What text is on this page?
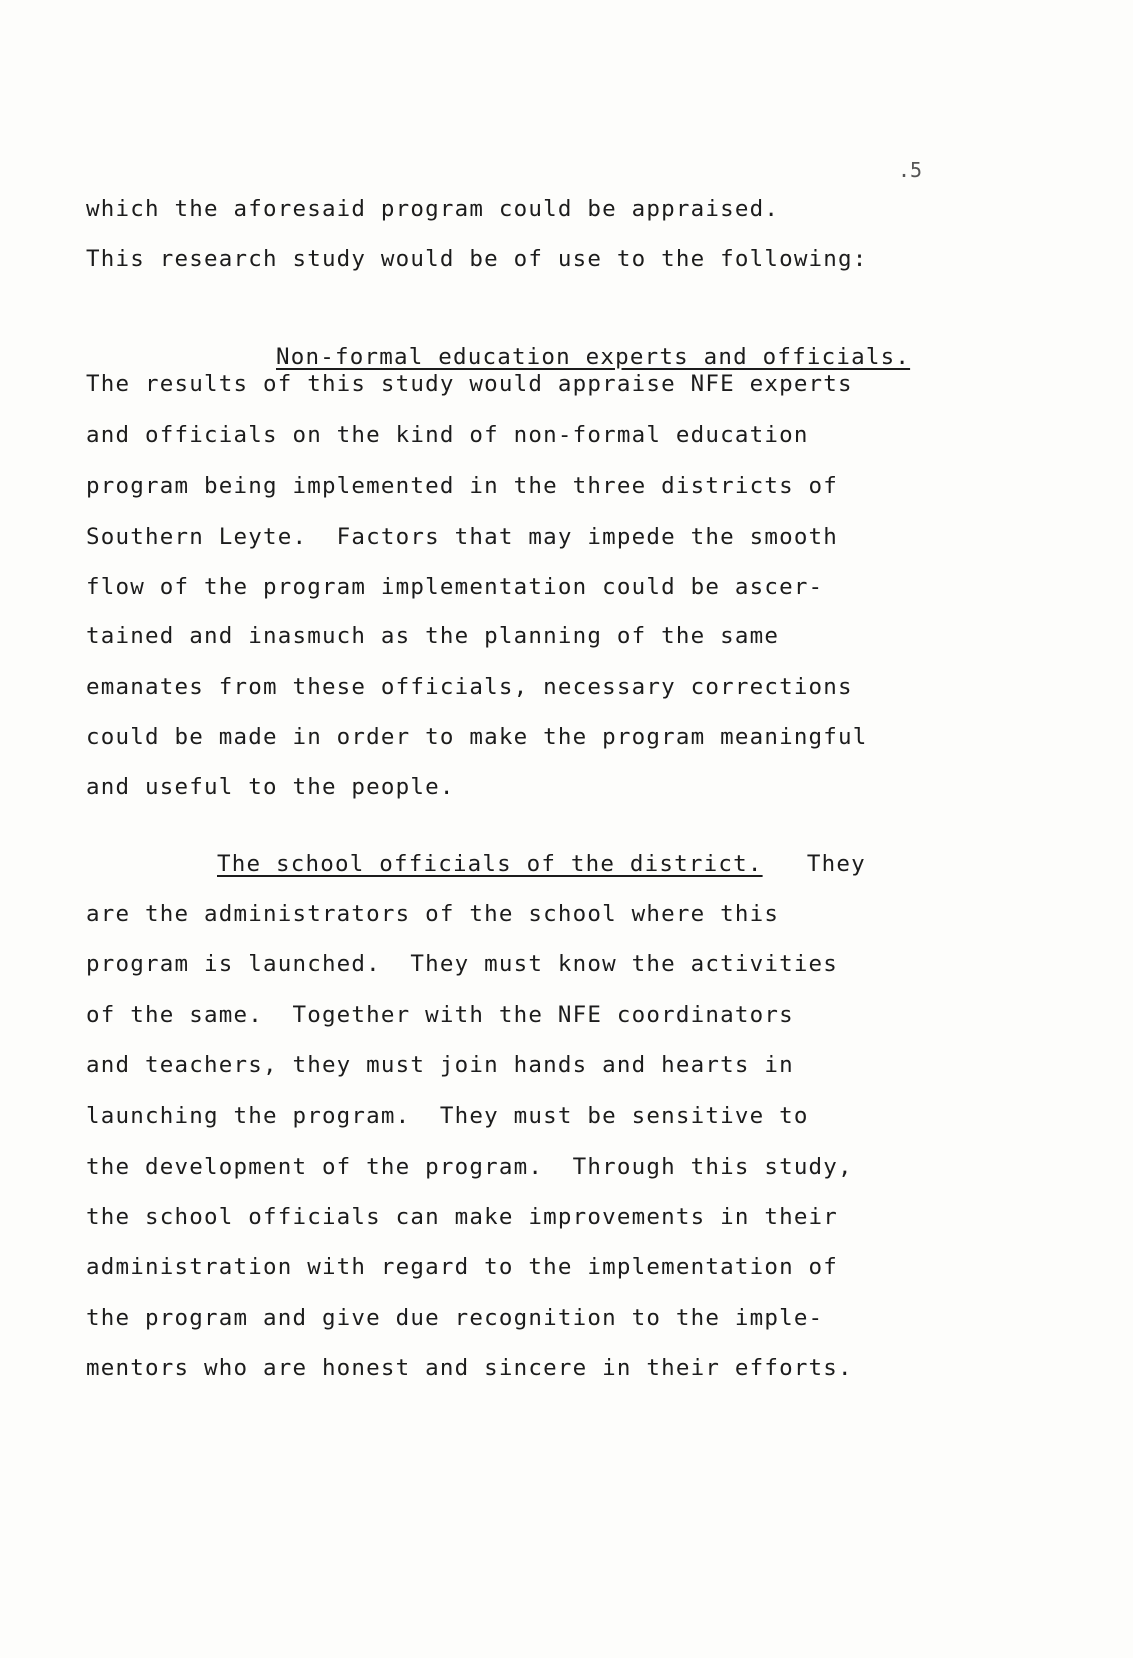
.5
which the aforesaid program could be appraised.
This research study would be of use to the following:

Non-formal education experts and officials.

The results of this study would appraise NFE experts
and officials on the kind of non-formal education
program being implemented in the three districts of
Southern Leyte.  Factors that may impede the smooth
flow of the program implementation could be ascer-
tained and inasmuch as the planning of the same
emanates from these officials, necessary corrections
could be made in order to make the program meaningful
and useful to the people.
The school officials of the district. They
are the administrators of the school where this
program is launched.  They must know the activities
of the same.  Together with the NFE coordinators
and teachers, they must join hands and hearts in
launching the program.  They must be sensitive to
the development of the program.  Through this study,
the school officials can make improvements in their
administration with regard to the implementation of
the program and give due recognition to the imple-
mentors who are honest and sincere in their efforts.
